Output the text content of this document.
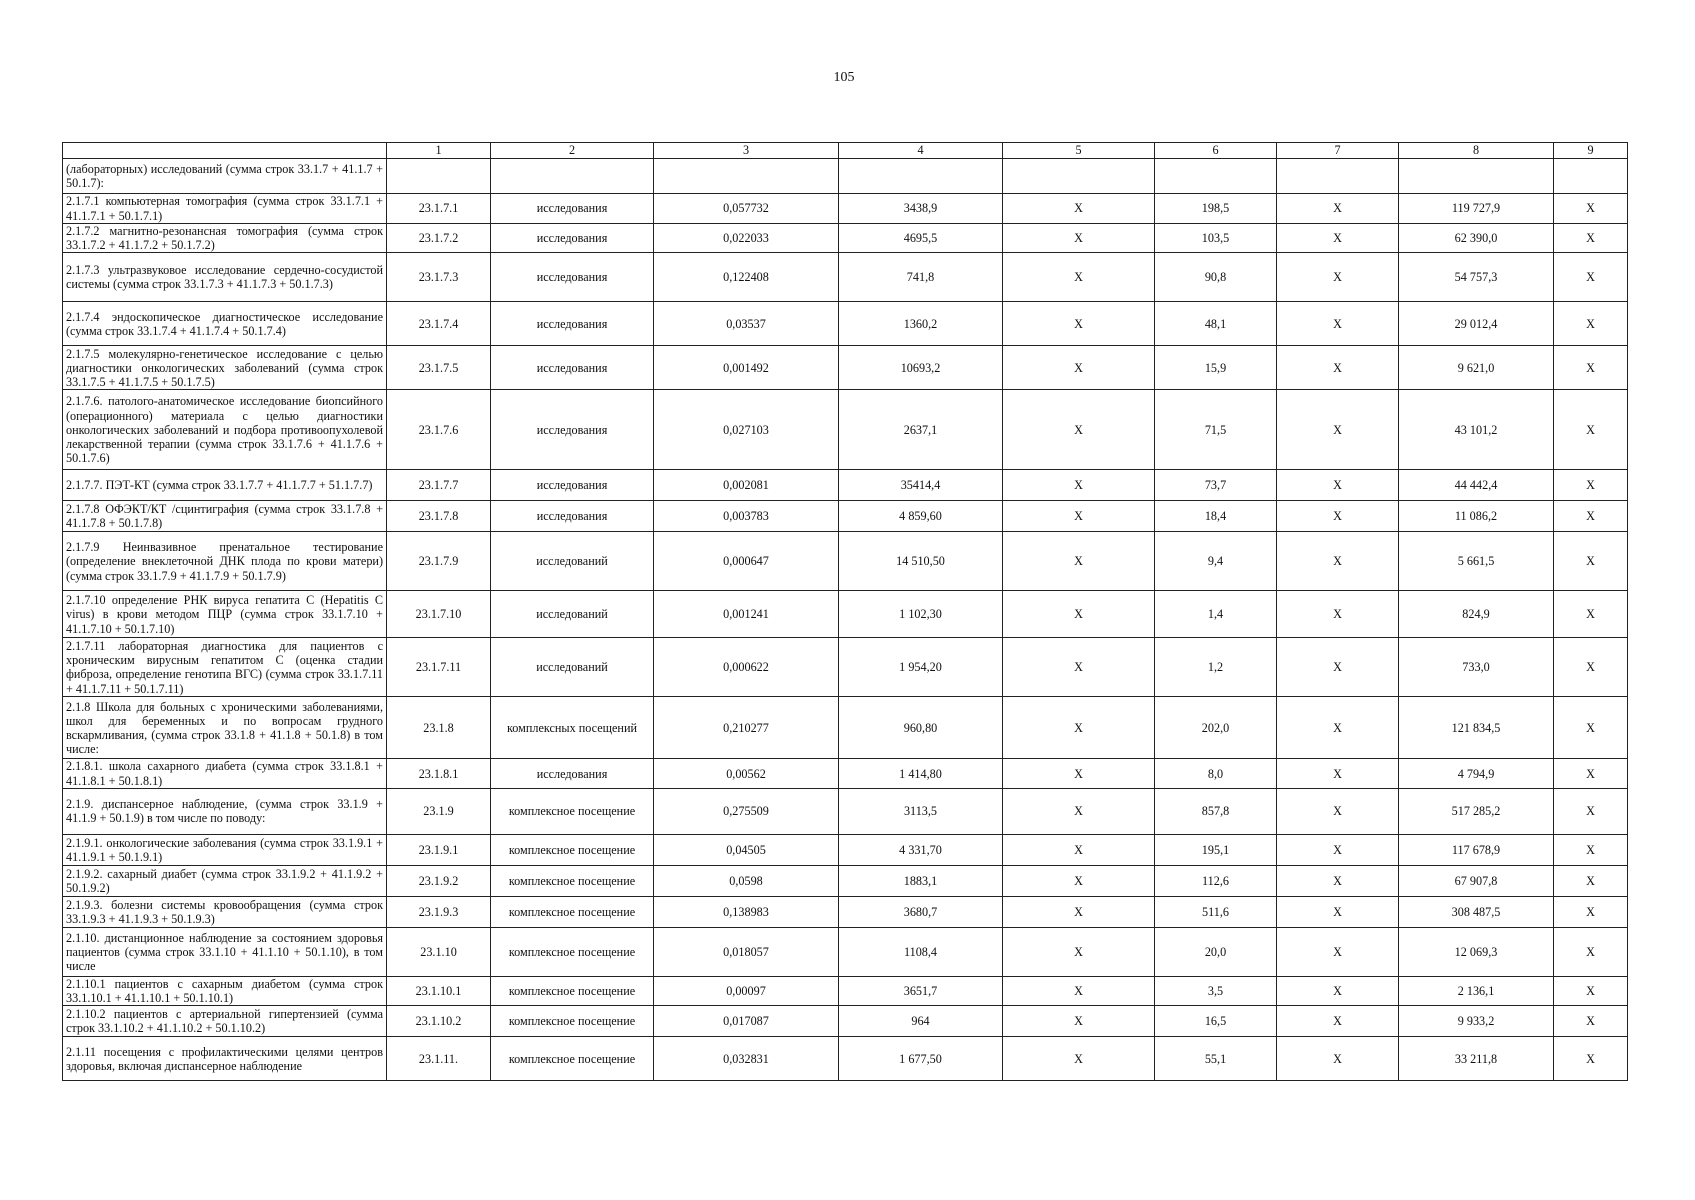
105
	1	2	3	4	5	6	7	8	9
(лабораторных) исследований (сумма строк 33.1.7 + 41.1.7 + 50.1.7):									
2.1.7.1 компьютерная томография (сумма строк 33.1.7.1 + 41.1.7.1 + 50.1.7.1)	23.1.7.1	исследования	0,057732	3438,9	Х	198,5	Х	119 727,9	Х
2.1.7.2 магнитно-резонансная томография (сумма строк 33.1.7.2 + 41.1.7.2 + 50.1.7.2)	23.1.7.2	исследования	0,022033	4695,5	Х	103,5	Х	62 390,0	Х
2.1.7.3 ультразвуковое исследование сердечно-сосудистой системы (сумма строк 33.1.7.3 + 41.1.7.3 + 50.1.7.3)	23.1.7.3	исследования	0,122408	741,8	Х	90,8	Х	54 757,3	Х
2.1.7.4 эндоскопическое диагностическое исследование (сумма строк 33.1.7.4 + 41.1.7.4 + 50.1.7.4)	23.1.7.4	исследования	0,03537	1360,2	Х	48,1	Х	29 012,4	Х
2.1.7.5 молекулярно-генетическое исследование с целью диагностики онкологических заболеваний (сумма строк 33.1.7.5 + 41.1.7.5 + 50.1.7.5)	23.1.7.5	исследования	0,001492	10693,2	Х	15,9	Х	9 621,0	Х
2.1.7.6. патолого-анатомическое исследование биопсийного (операционного) материала с целью диагностики онкологических заболеваний и подбора противоопухолевой лекарственной терапии (сумма строк 33.1.7.6 + 41.1.7.6 + 50.1.7.6)	23.1.7.6	исследования	0,027103	2637,1	Х	71,5	Х	43 101,2	Х
2.1.7.7. ПЭТ-КТ (сумма строк 33.1.7.7 + 41.1.7.7 + 51.1.7.7)	23.1.7.7	исследования	0,002081	35414,4	Х	73,7	Х	44 442,4	Х
2.1.7.8 ОФЭКТ/КТ /сцинтиграфия (сумма строк 33.1.7.8 + 41.1.7.8 + 50.1.7.8)	23.1.7.8	исследования	0,003783	4 859,60	Х	18,4	Х	11 086,2	Х
2.1.7.9 Неинвазивное пренатальное тестирование (определение внеклеточной ДНК плода по крови матери) (сумма строк 33.1.7.9 + 41.1.7.9 + 50.1.7.9)	23.1.7.9	исследований	0,000647	14 510,50	Х	9,4	Х	5 661,5	Х
2.1.7.10 определение РНК вируса гепатита С (Hepatitis C virus) в крови методом ПЦР (сумма строк 33.1.7.10 + 41.1.7.10 + 50.1.7.10)	23.1.7.10	исследований	0,001241	1 102,30	Х	1,4	Х	824,9	Х
2.1.7.11 лабораторная диагностика для пациентов с хроническим вирусным гепатитом С (оценка стадии фиброза, определение генотипа ВГС) (сумма строк 33.1.7.11 + 41.1.7.11 + 50.1.7.11)	23.1.7.11	исследований	0,000622	1 954,20	Х	1,2	Х	733,0	Х
2.1.8 Школа для больных с хроническими заболеваниями, школ для беременных и по вопросам грудного вскармливания, (сумма строк 33.1.8 + 41.1.8 + 50.1.8) в том числе:	23.1.8	комплексных посещений	0,210277	960,80	Х	202,0	Х	121 834,5	Х
2.1.8.1. школа сахарного диабета (сумма строк 33.1.8.1 + 41.1.8.1 + 50.1.8.1)	23.1.8.1	исследования	0,00562	1 414,80	Х	8,0	Х	4 794,9	Х
2.1.9. диспансерное наблюдение, (сумма строк 33.1.9 + 41.1.9 + 50.1.9) в том числе по поводу:	23.1.9	комплексное посещение	0,275509	3113,5	Х	857,8	Х	517 285,2	Х
2.1.9.1. онкологические заболевания (сумма строк 33.1.9.1 + 41.1.9.1 + 50.1.9.1)	23.1.9.1	комплексное посещение	0,04505	4 331,70	Х	195,1	Х	117 678,9	Х
2.1.9.2. сахарный диабет (сумма строк 33.1.9.2 + 41.1.9.2 + 50.1.9.2)	23.1.9.2	комплексное посещение	0,0598	1883,1	Х	112,6	Х	67 907,8	Х
2.1.9.3. болезни системы кровообращения (сумма строк 33.1.9.3 + 41.1.9.3 + 50.1.9.3)	23.1.9.3	комплексное посещение	0,138983	3680,7	Х	511,6	Х	308 487,5	Х
2.1.10. дистанционное наблюдение за состоянием здоровья пациентов (сумма строк 33.1.10 + 41.1.10 + 50.1.10), в том числе	23.1.10	комплексное посещение	0,018057	1108,4	Х	20,0	Х	12 069,3	Х
2.1.10.1 пациентов с сахарным диабетом (сумма строк 33.1.10.1 + 41.1.10.1 + 50.1.10.1)	23.1.10.1	комплексное посещение	0,00097	3651,7	Х	3,5	Х	2 136,1	Х
2.1.10.2 пациентов с артериальной гипертензией (сумма строк 33.1.10.2 + 41.1.10.2 + 50.1.10.2)	23.1.10.2	комплексное посещение	0,017087	964	Х	16,5	Х	9 933,2	Х
2.1.11 посещения с профилактическими целями центров здоровья, включая диспансерное наблюдение	23.1.11.	комплексное посещение	0,032831	1 677,50	Х	55,1	Х	33 211,8	Х
